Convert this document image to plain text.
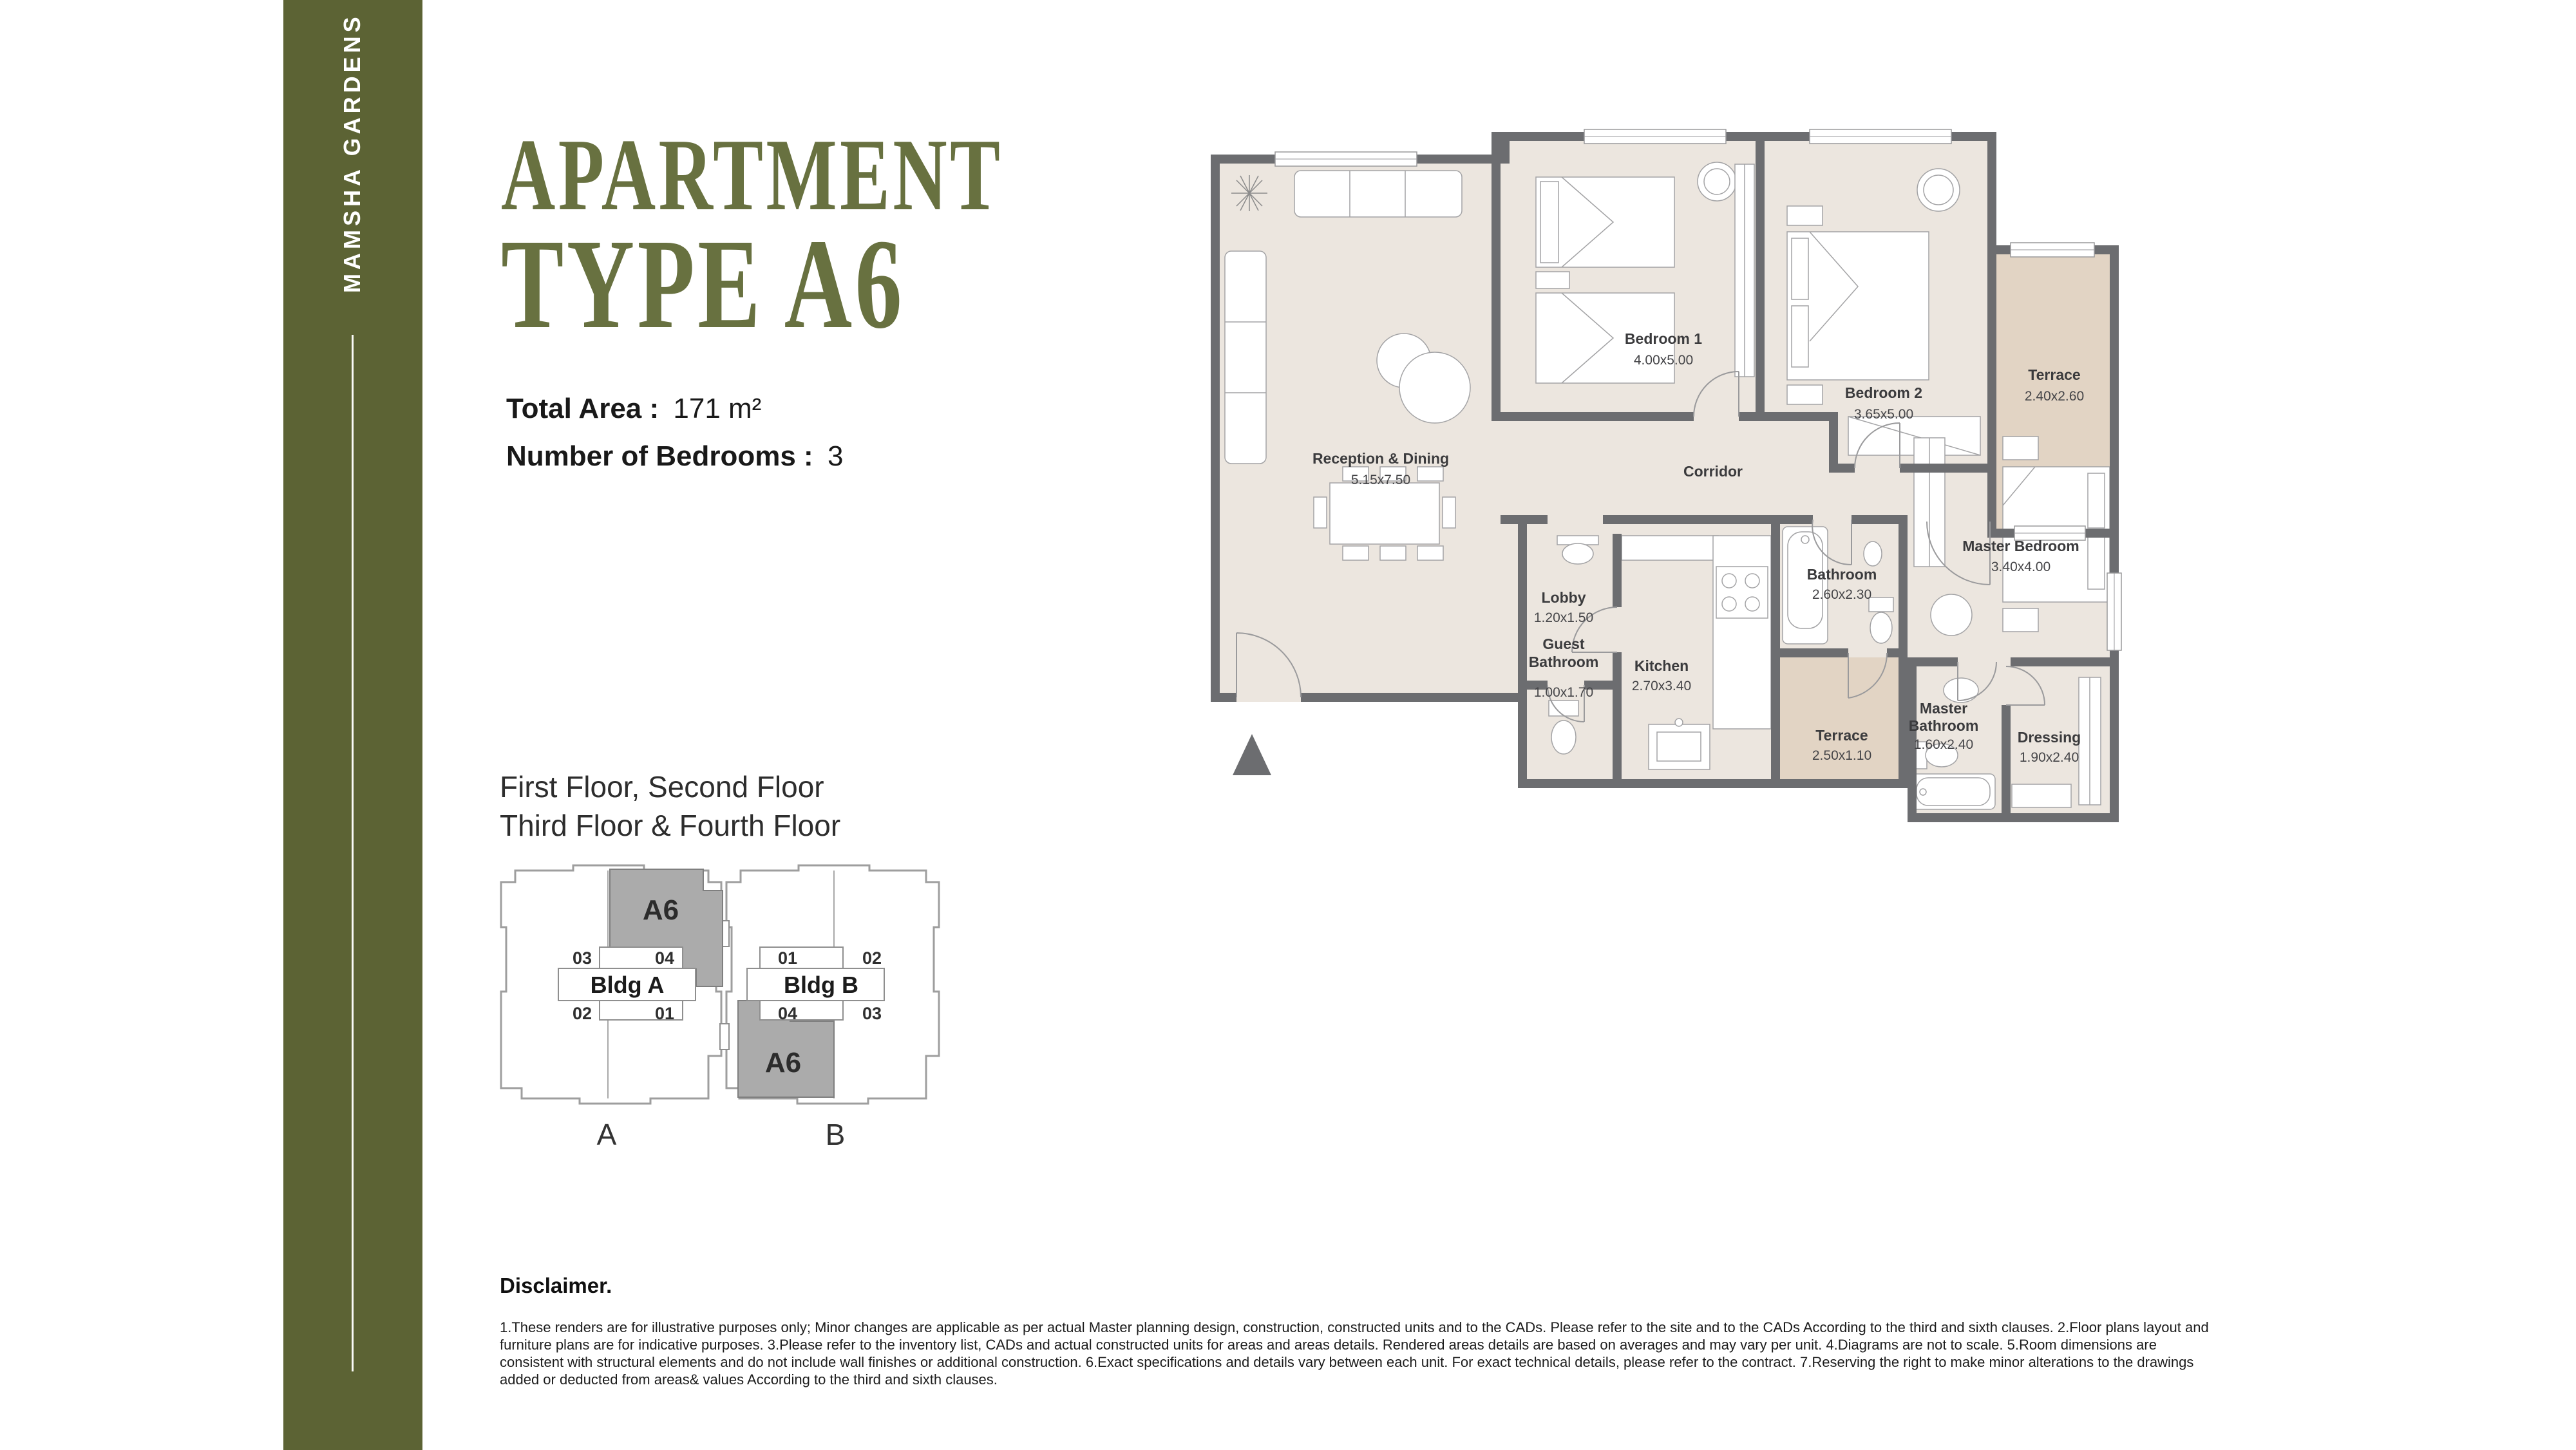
MAMSHA GARDENS APARTMENT
TYPE A6
Total Area : 171 m²
Number of Bedrooms : 3
First Floor, Second Floor
Third Floor & Fourth Floor
A6
03	04
Bldg A
02	01
01	02
Bldg B
04	03
A6
A	B
Reception & Dining
5.15x7.50
Bedroom 1
4.00x5.00
Bedroom 2
3.65x5.00
Terrace
2.40x2.60
Corridor
Lobby
1.20x1.50
Guest
Bathroom
1.00x1.70
Kitchen
2.70x3.40
Bathroom
2.60x2.30
Terrace
2.50x1.10
Master Bedroom
3.40x4.00
Master
Bathroom
1.60x2.40	Dressing
1.90x2.40
Disclaimer.
1.These renders are for illustrative purposes only; Minor changes are applicable as per actual Master planning design, construction, constructed units and to the CADs. Please refer to the site and to the CADs According to the third and sixth clauses. 2.Floor plans layout and furniture plans are for indicative purposes. 3.Please refer to the inventory list, CADs and actual constructed units for areas and areas details. Rendered areas details are based on averages and may vary per unit. 4.Diagrams are not to scale. 5.Room dimensions are consistent with structural elements and do not include wall finishes or additional construction. 6.Exact specifications and details vary between each unit. For exact technical details, please refer to the contract. 7.Reserving the right to make minor alterations to the drawings added or deducted from areas& values According to the third and sixth clauses.
